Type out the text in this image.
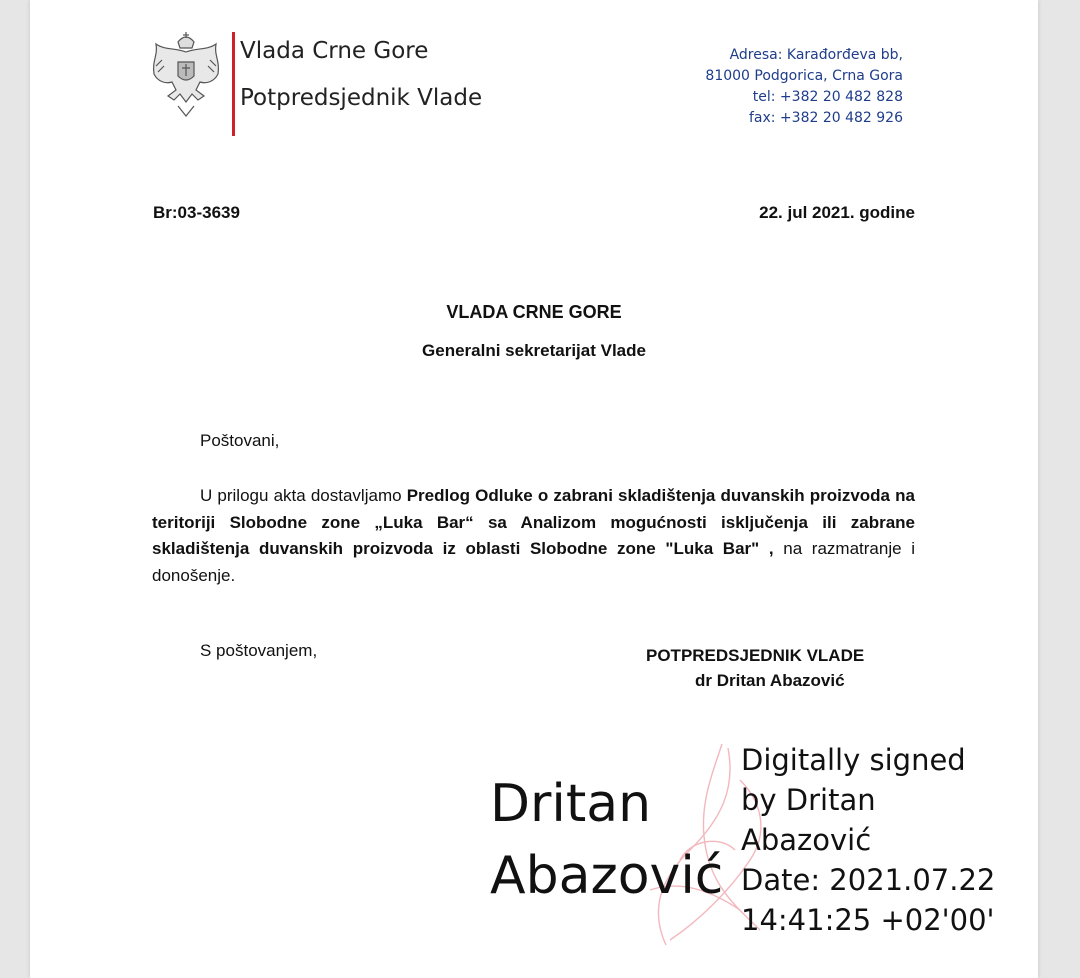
Vlada Crne Gore
Potpredsjednik Vlade
Adresa: Karađorđeva bb,
81000 Podgorica, Crna Gora
tel: +382 20 482 828
fax: +382 20 482 926
Br:03-3639	22. jul 2021. godine
VLADA CRNE GORE
Generalni sekretarijat Vlade
Poštovani,
U prilogu akta dostavljamo Predlog Odluke o zabrani skladištenja duvanskih proizvoda na teritoriji Slobodne zone „Luka Bar“ sa Analizom mogućnosti isključenja ili zabrane skladištenja duvanskih proizvoda iz oblasti Slobodne zone "Luka Bar" , na razmatranje i donošenje.
S poštovanjem,	POTPREDSJEDNIK VLADE
dr Dritan Abazović
Dritan Abazović
Digitally signed
by Dritan
Abazović
Date: 2021.07.22
14:41:25 +02'00'
